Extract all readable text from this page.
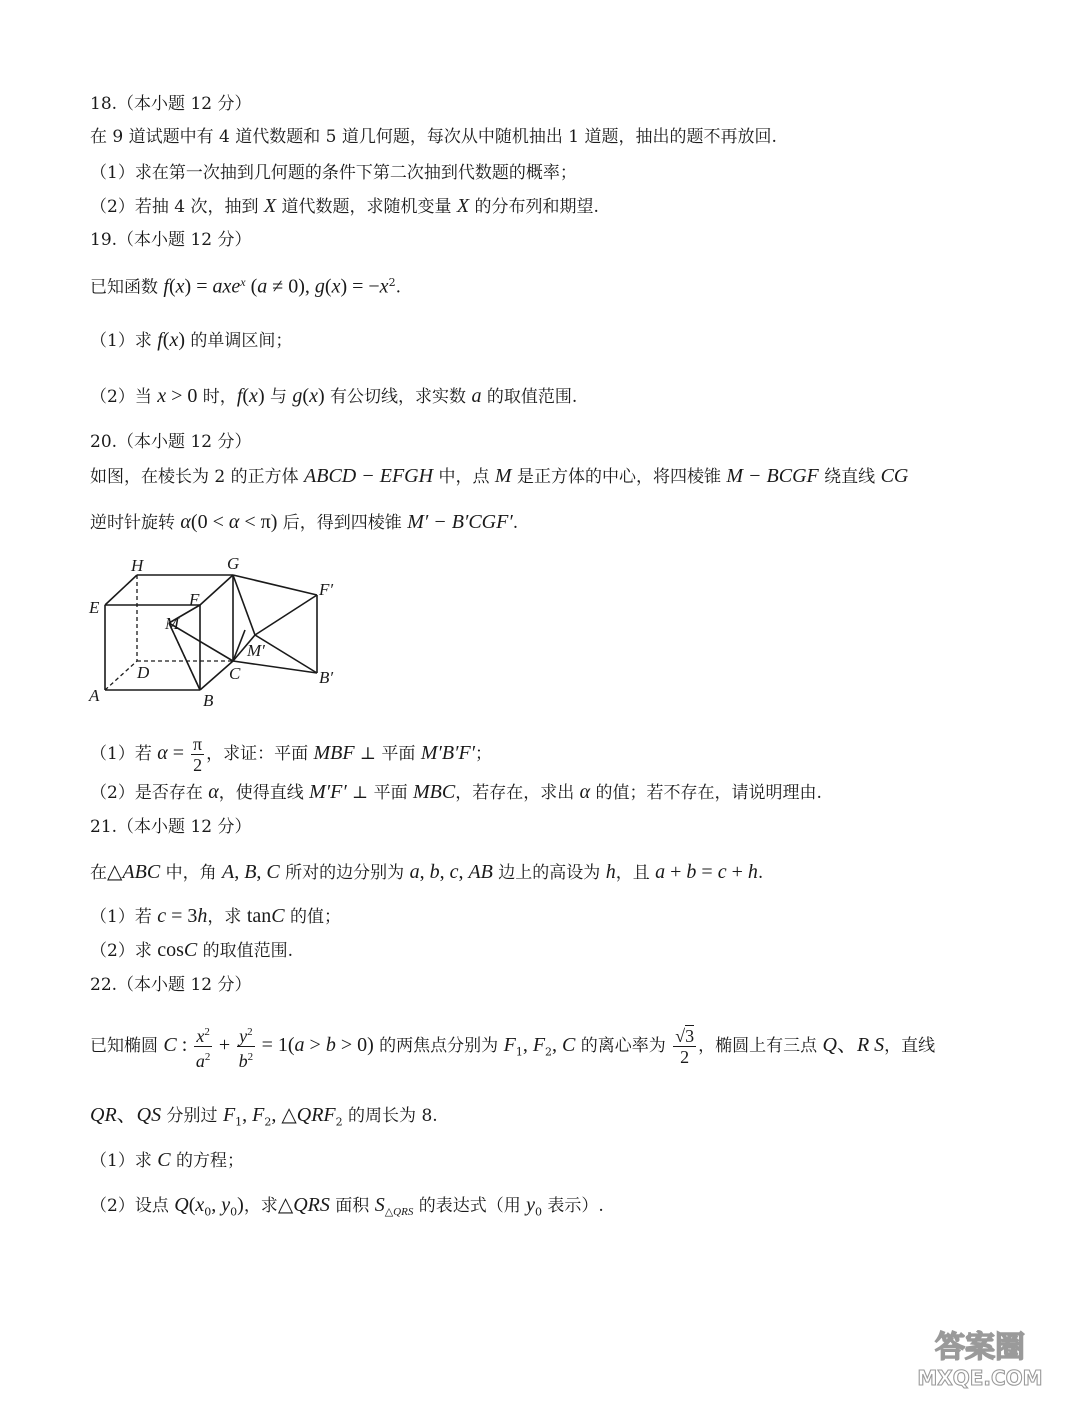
18.（本小题 12 分）
在 9 道试题中有 4 道代数题和 5 道几何题，每次从中随机抽出 1 道题，抽出的题不再放回.
（1）求在第一次抽到几何题的条件下第二次抽到代数题的概率；
（2）若抽 4 次，抽到 X 道代数题，求随机变量 X 的分布列和期望.
19.（本小题 12 分）
已知函数 f(x) = axe$^x$ (a ≠ 0), $g(x) = -x^2$.
（1）求 f(x) 的单调区间；
（2）当 x > 0 时，f(x) 与 g(x) 有公切线，求实数 a 的取值范围.
20.（本小题 12 分）
如图，在棱长为 2 的正方体 ABCD − EFGH 中，点 M 是正方体的中心，将四棱锥 M − BCGF 绕直线 CG
逆时针旋转 α(0 < α < π) 后，得到四棱锥 M′ − B′CGF′.
H	G
E	F
M
F′
M′
D	C	B′
A	B
（1）若 $\alpha = \frac{\pi}{2}$ ，求证：平面 MBF ⊥ 平面 M′B′F′；
（2）是否存在 α，使得直线 M′F′ ⊥ 平面 MBC，若存在，求出 α 的值；若不存在，请说明理由.
21.（本小题 12 分）
在△ABC 中，角 A, B, C 所对的边分别为 a, b, c, AB 边上的高设为 h，且 a + b = c + h.
（1）若 c = 3h，求 tanC 的值；
（2）求 cosC 的取值范围.
22.（本小题 12 分）
已知椭圆 C : $\frac{x^2}{a^2} + \frac{y^2}{b^2} = 1(a > b > 0)$ 的两焦点分别为 $F_1$, $F_2$, C 的离心率为 $\frac{√3}{2}$ ，椭圆上有三点 Q、R S，直线
QR、QS 分别过 $F_1$, $F_2$, $\triangle QRF_2$ 的周长为 8.
（1）求 C 的方程；
（2）设点 $Q(x_0$, $y_0$)，求△QRS 面积 $S_{\triangle QRS}$ 的表达式（用 $y_0$ 表示）.
答案圈
MXQE.COM
